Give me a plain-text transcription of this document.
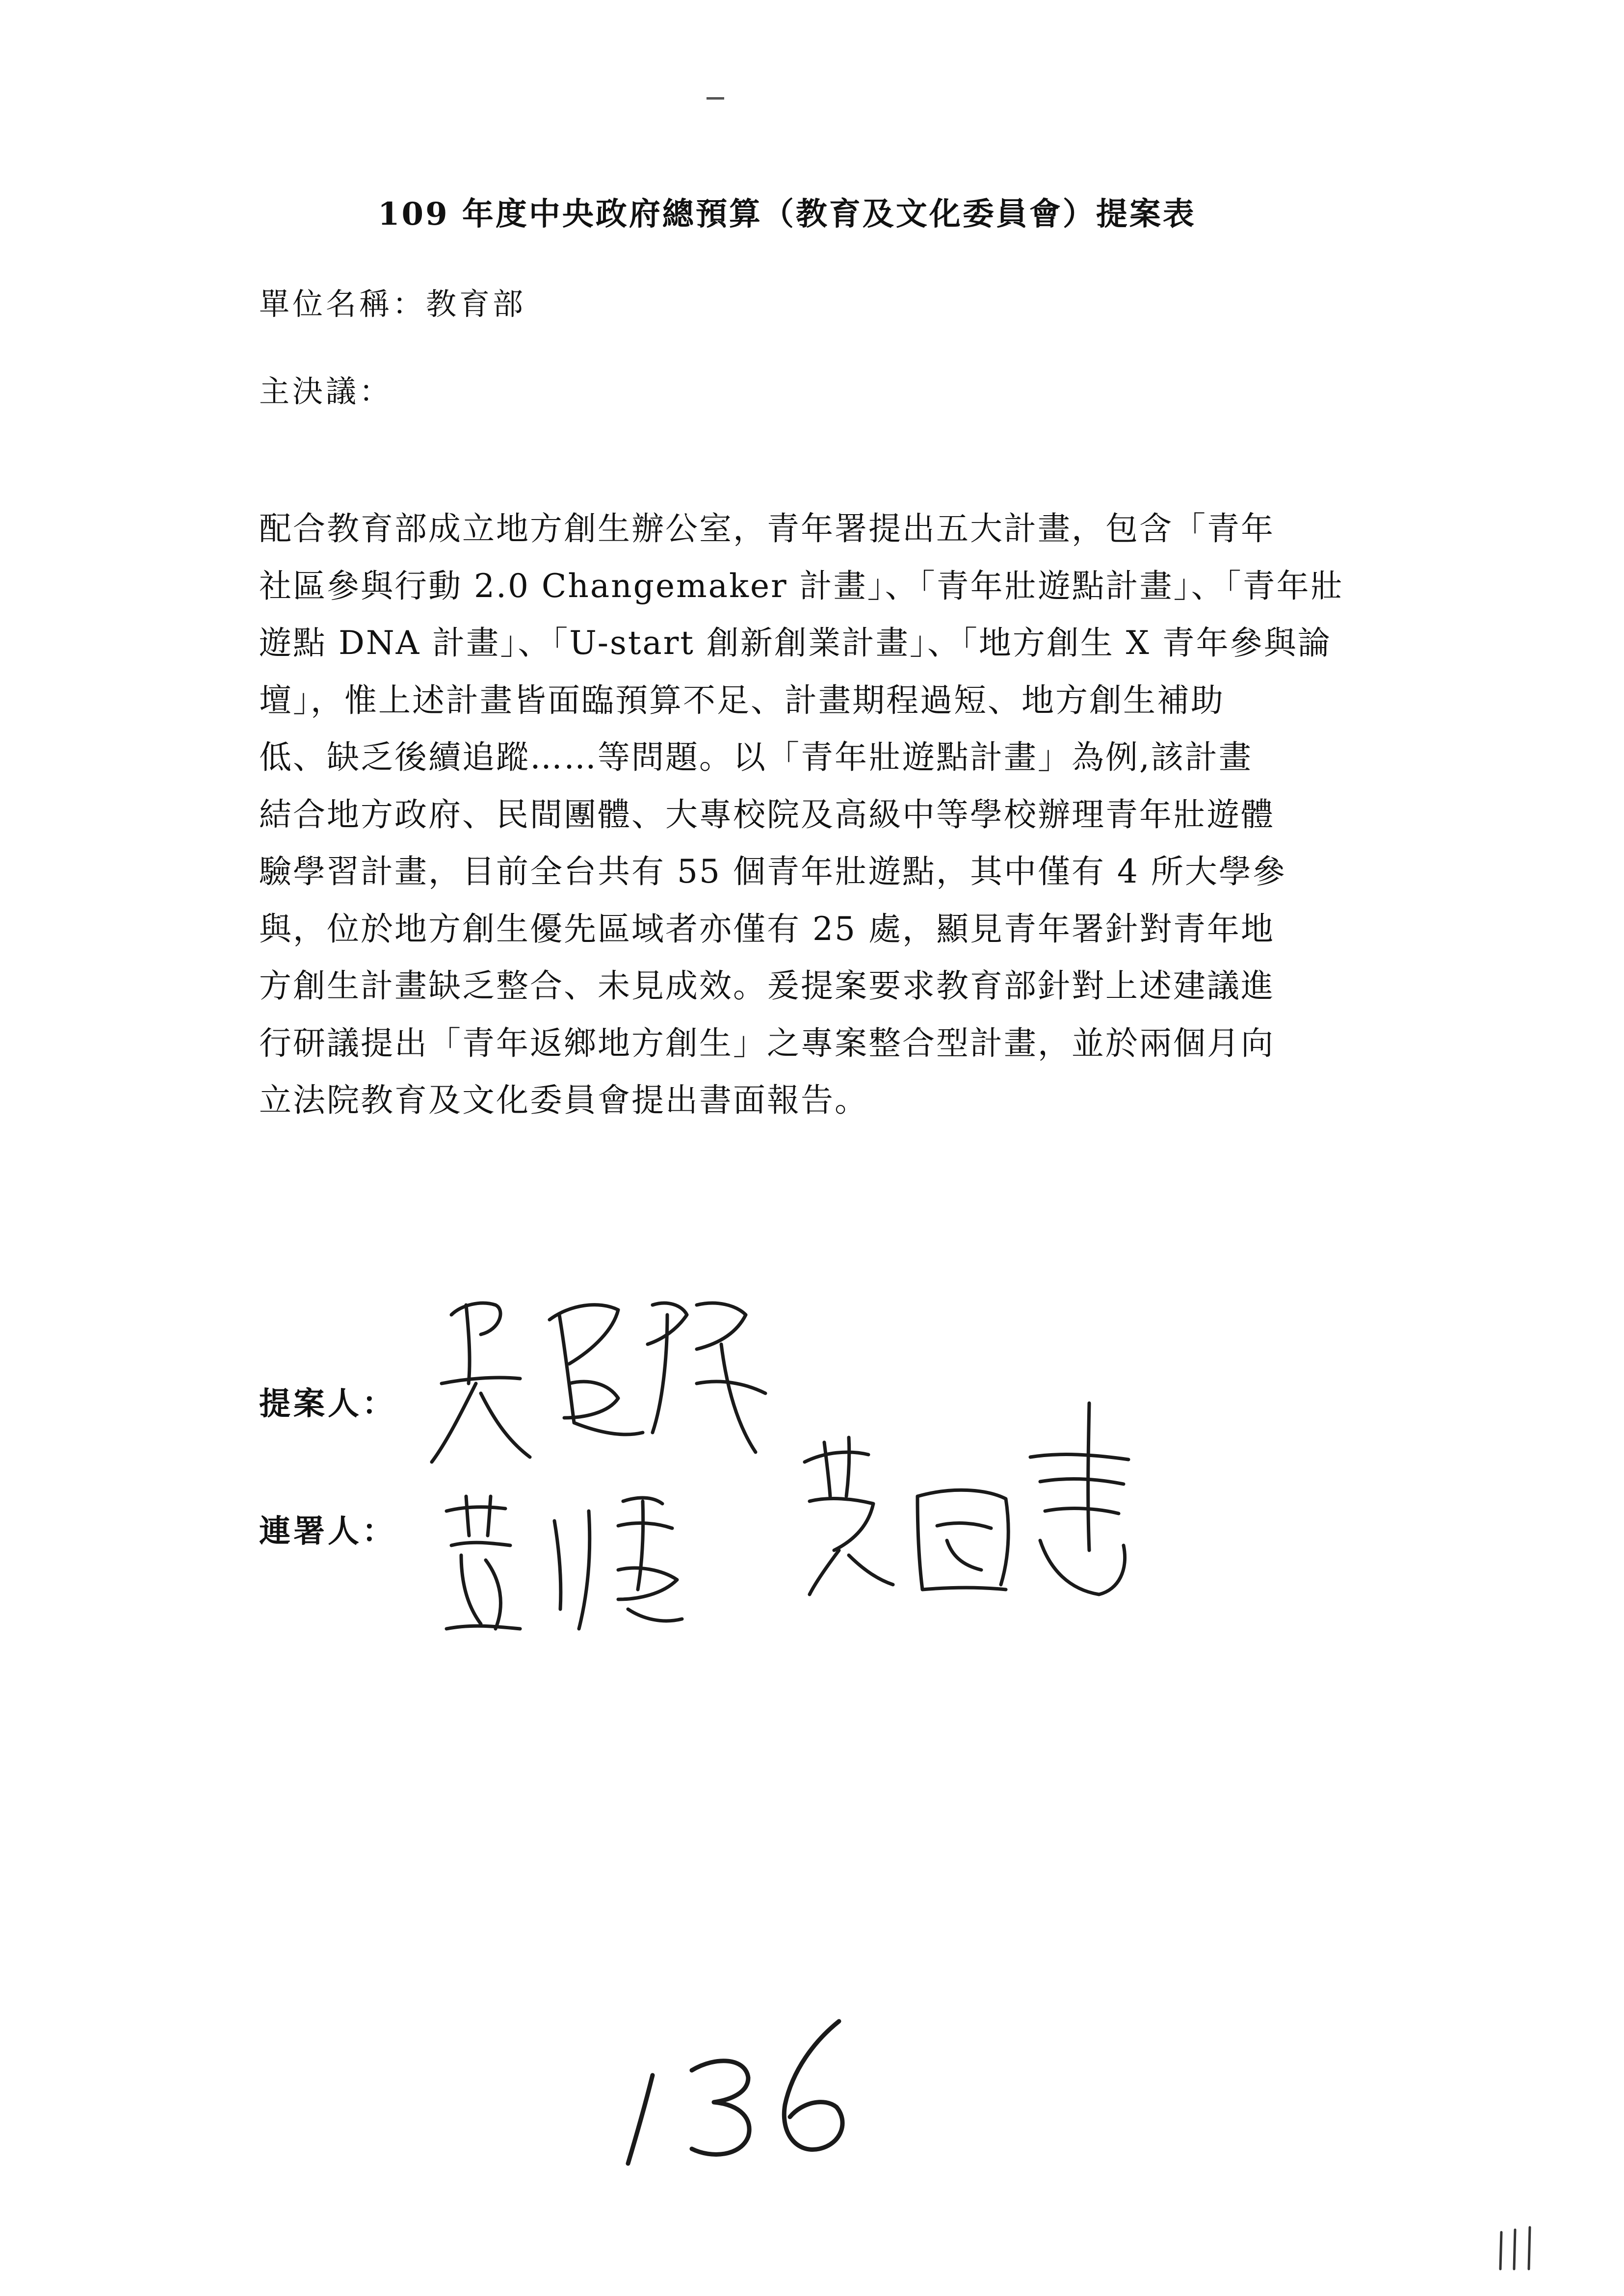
109 年度中央政府總預算（教育及文化委員會）提案表
單位名稱：教育部
主決議：
配合教育部成立地方創生辦公室，青年署提出五大計畫，包含「青年
社區參與行動 2.0 Changemaker 計畫」、「青年壯遊點計畫」、「青年壯
遊點 DNA 計畫」、「U-start 創新創業計畫」、「地方創生 X 青年參與論
壇」，惟上述計畫皆面臨預算不足、計畫期程過短、地方創生補助
低、缺乏後續追蹤……等問題。以「青年壯遊點計畫」為例,該計畫
結合地方政府、民間團體、大專校院及高級中等學校辦理青年壯遊體
驗學習計畫，目前全台共有 55 個青年壯遊點，其中僅有 4 所大學參
與，位於地方創生優先區域者亦僅有 25 處，顯見青年署針對青年地
方創生計畫缺乏整合、未見成效。爰提案要求教育部針對上述建議進
行研議提出「青年返鄉地方創生」之專案整合型計畫，並於兩個月向
立法院教育及文化委員會提出書面報告。
提案人：
連署人：
